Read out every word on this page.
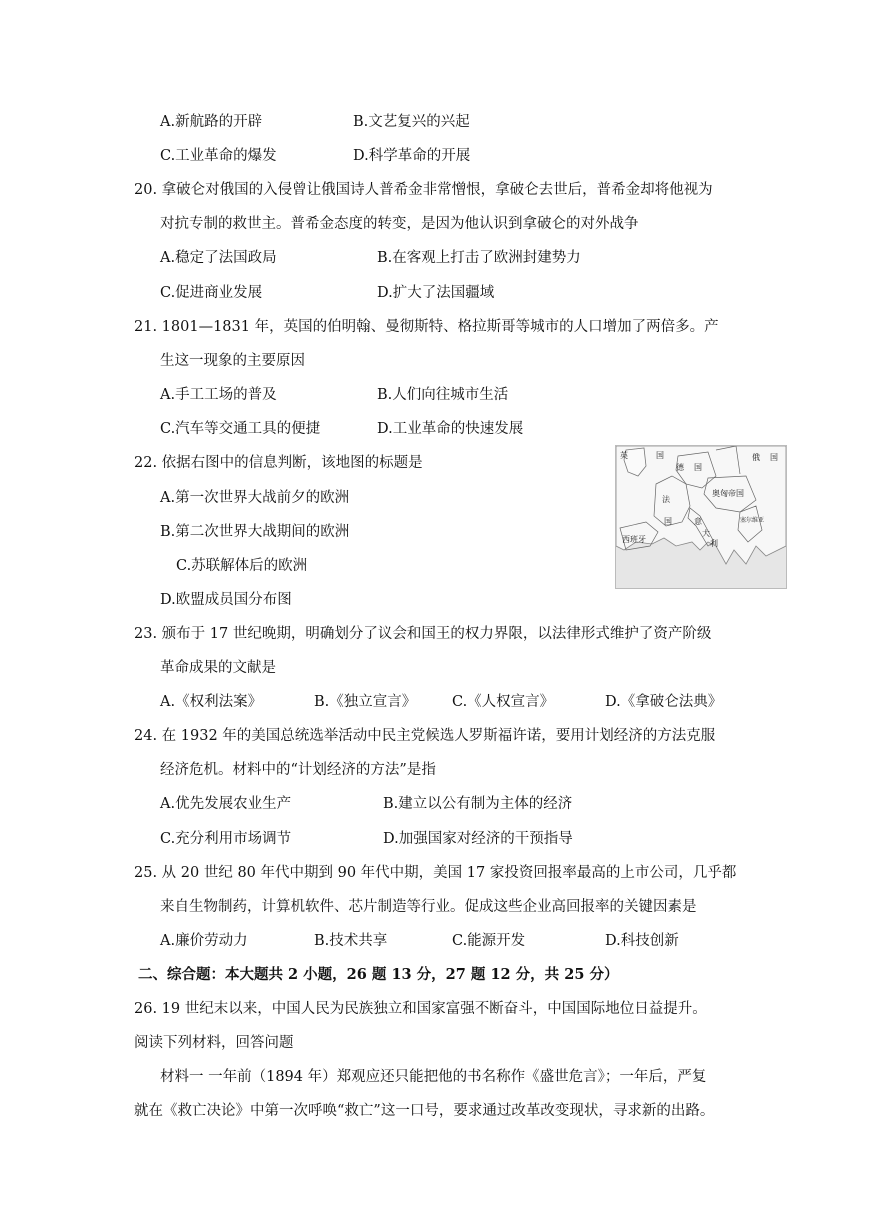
A.新航路的开辟	B.文艺复兴的兴起
C.工业革命的爆发	D.科学革命的开展
20. 拿破仑对俄国的入侵曾让俄国诗人普希金非常憎恨，拿破仑去世后，普希金却将他视为
对抗专制的救世主。普希金态度的转变，是因为他认识到拿破仑的对外战争
A.稳定了法国政局	B.在客观上打击了欧洲封建势力
C.促进商业发展	D.扩大了法国疆域
21. 1801—1831 年，英国的伯明翰、曼彻斯特、格拉斯哥等城市的人口增加了两倍多。产
生这一现象的主要原因
A.手工工场的普及	B.人们向往城市生活
C.汽车等交通工具的便捷	D.工业革命的快速发展
22. 依据右图中的信息判断，该地图的标题是
A.第一次世界大战前夕的欧洲
B.第二次世界大战期间的欧洲
C.苏联解体后的欧洲
D.欧盟成员国分布图
英	国
德 国
俄 国
法
国
奥匈帝国
意
大
利
西班牙
塞尔维亚
23. 颁布于 17 世纪晚期，明确划分了议会和国王的权力界限，以法律形式维护了资产阶级
革命成果的文献是
A.《权利法案》	B.《独立宣言》 C.《人权宣言》	D.《拿破仑法典》
24. 在 1932 年的美国总统选举活动中民主党候选人罗斯福许诺，要用计划经济的方法克服
经济危机。材料中的“计划经济的方法”是指
A.优先发展农业生产	B.建立以公有制为主体的经济
C.充分利用市场调节	D.加强国家对经济的干预指导
25. 从 20 世纪 80 年代中期到 90 年代中期，美国 17 家投资回报率最高的上市公司，几乎都
来自生物制药，计算机软件、芯片制造等行业。促成这些企业高回报率的关键因素是
A.廉价劳动力	B.技术共享	C.能源开发	D.科技创新
二、综合题：本大题共 2 小题，26 题 13 分，27 题 12 分，共 25 分）
26. 19 世纪末以来，中国人民为民族独立和国家富强不断奋斗，中国国际地位日益提升。
阅读下列材料，回答问题
材料一 一年前（1894 年）郑观应还只能把他的书名称作《盛世危言》；一年后，严复
就在《救亡决论》中第一次呼唤“救亡”这一口号，要求通过改革改变现状，寻求新的出路。
